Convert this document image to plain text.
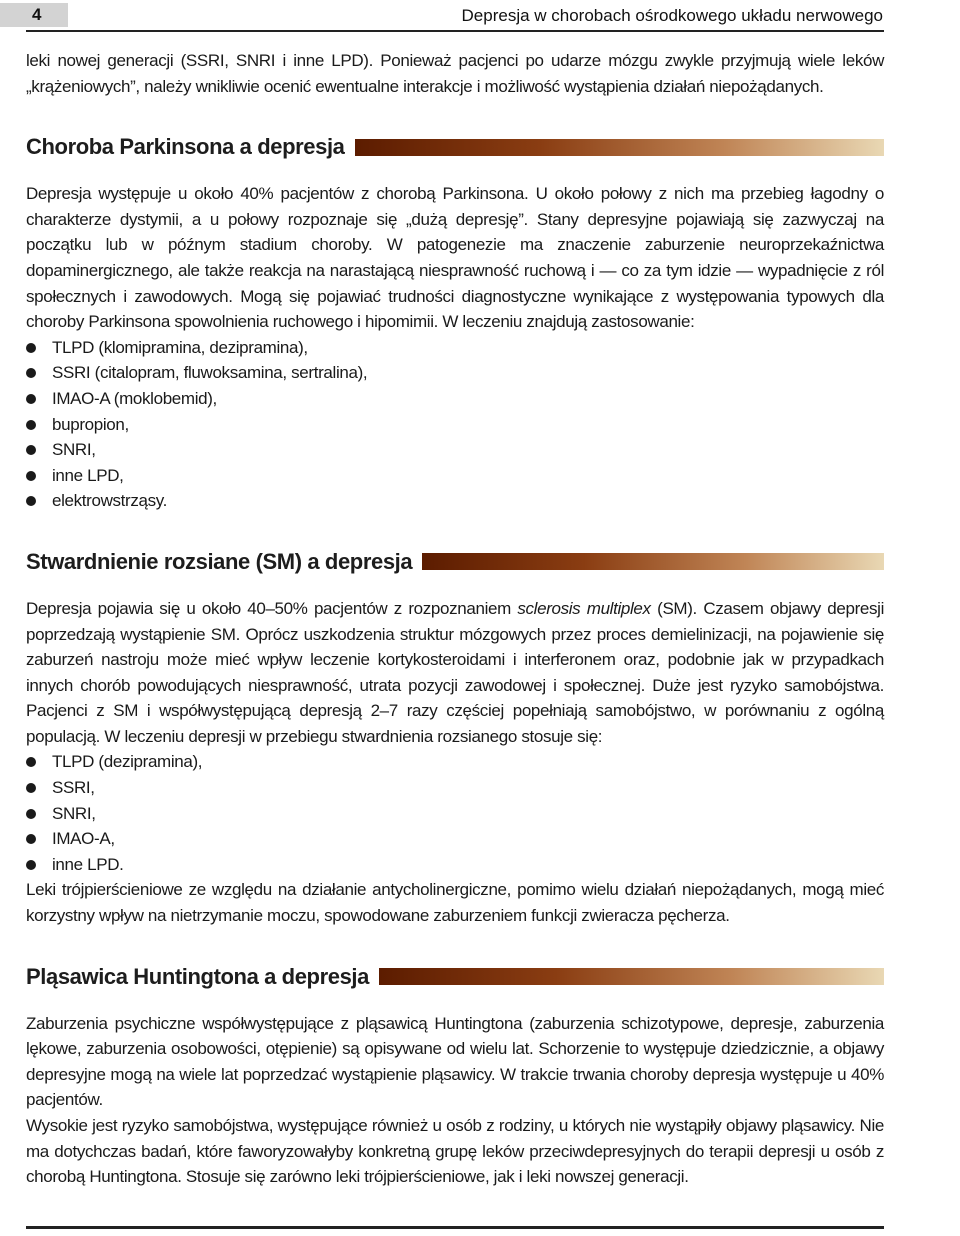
4	Depresja w chorobach ośrodkowego układu nerwowego

leki nowej generacji (SSRI, SNRI i inne LPD). Ponieważ pacjenci po udarze mózgu zwykle przyjmują wiele leków „krążeniowych”, należy wnikliwie ocenić ewentualne interakcje i możliwość wystąpienia działań niepożądanych.

Choroba Parkinsona a depresja

Depresja występuje u około 40% pacjentów z chorobą Parkinsona. U około połowy z nich ma przebieg łagodny o charakterze dystymii, a u połowy rozpoznaje się „dużą depresję”. Stany depresyjne pojawiają się zazwyczaj na początku lub w późnym stadium choroby. W patogenezie ma znaczenie zaburzenie neuroprzekaźnictwa dopaminergicznego, ale także reakcja na narastającą niesprawność ruchową i — co za tym idzie — wypadnięcie z ról społecznych i zawodowych. Mogą się pojawiać trudności diagnostyczne wynikające z występowania typowych dla choroby Parkinsona spowolnienia ruchowego i hipomimii. W leczeniu znajdują zastosowanie:

TLPD (klomipramina, dezipramina),
SSRI (citalopram, fluwoksamina, sertralina),
IMAO-A (moklobemid),
bupropion,
SNRI,
inne LPD,
elektrowstrząsy.
Stwardnienie rozsiane (SM) a depresja

Depresja pojawia się u około 40–50% pacjentów z rozpoznaniem sclerosis multiplex (SM). Czasem objawy depresji poprzedzają wystąpienie SM. Oprócz uszkodzenia struktur mózgowych przez proces demielinizacji, na pojawienie się zaburzeń nastroju może mieć wpływ leczenie kortykosteroidami i interferonem oraz, podobnie jak w przypadkach innych chorób powodujących niesprawność, utrata pozycji zawodowej i społecznej. Duże jest ryzyko samobójstwa. Pacjenci z SM i współwystępującą depresją 2–7 razy częściej popełniają samobójstwo, w porównaniu z ogólną populacją. W leczeniu depresji w przebiegu stwardnienia rozsianego stosuje się:

TLPD (dezipramina),
SSRI,
SNRI,
IMAO-A,
inne LPD.

Leki trójpierścieniowe ze względu na działanie antycholinergiczne, pomimo wielu działań niepożądanych, mogą mieć korzystny wpływ na nietrzymanie moczu, spowodowane zaburzeniem funkcji zwieracza pęcherza.

Pląsawica Huntingtona a depresja

Zaburzenia psychiczne współwystępujące z pląsawicą Huntingtona (zaburzenia schizotypowe, depresje, zaburzenia lękowe, zaburzenia osobowości, otępienie) są opisywane od wielu lat. Schorzenie to występuje dziedzicznie, a objawy depresyjne mogą na wiele lat poprzedzać wystąpienie pląsawicy. W trakcie trwania choroby depresja występuje u 40% pacjentów.

Wysokie jest ryzyko samobójstwa, występujące również u osób z rodziny, u których nie wystąpiły objawy pląsawicy. Nie ma dotychczas badań, które faworyzowałyby konkretną grupę leków przeciwdepresyjnych do terapii depresji u osób z chorobą Huntingtona. Stosuje się zarówno leki trójpierścieniowe, jak i leki nowszej generacji.
